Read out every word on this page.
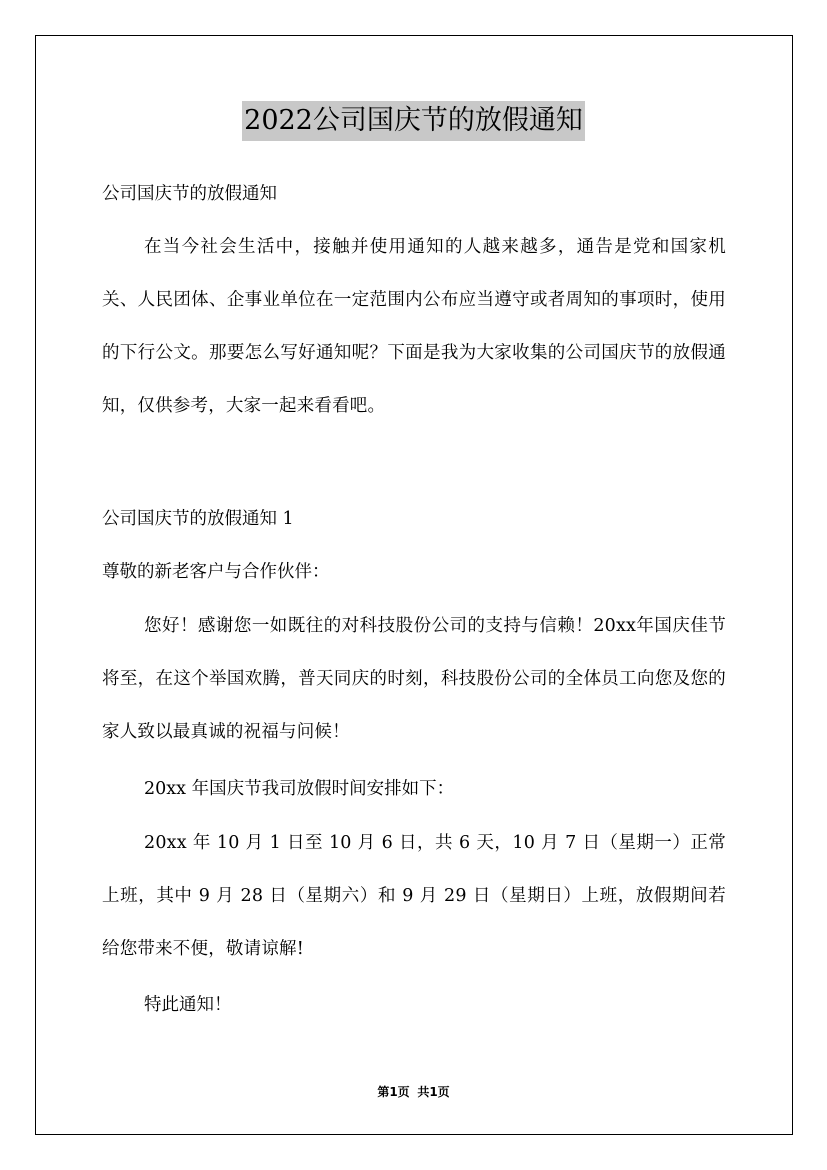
2022公司国庆节的放假通知
公司国庆节的放假通知
在当今社会生活中，接触并使用通知的人越来越多，通告是党和国家机关、人民团体、企事业单位在一定范围内公布应当遵守或者周知的事项时，使用的下行公文。那要怎么写好通知呢？下面是我为大家收集的公司国庆节的放假通知，仅供参考，大家一起来看看吧。
公司国庆节的放假通知 1
尊敬的新老客户与合作伙伴：
您好！感谢您一如既往的对科技股份公司的支持与信赖！20xx年国庆佳节将至，在这个举国欢腾，普天同庆的时刻，科技股份公司的全体员工向您及您的家人致以最真诚的祝福与问候！
20xx 年国庆节我司放假时间安排如下：
20xx 年 10 月 1 日至 10 月 6 日，共 6 天，10 月 7 日（星期一）正常上班，其中 9 月 28 日（星期六）和 9 月 29 日（星期日）上班，放假期间若给您带来不便，敬请谅解!
特此通知！
第1页 共1页
